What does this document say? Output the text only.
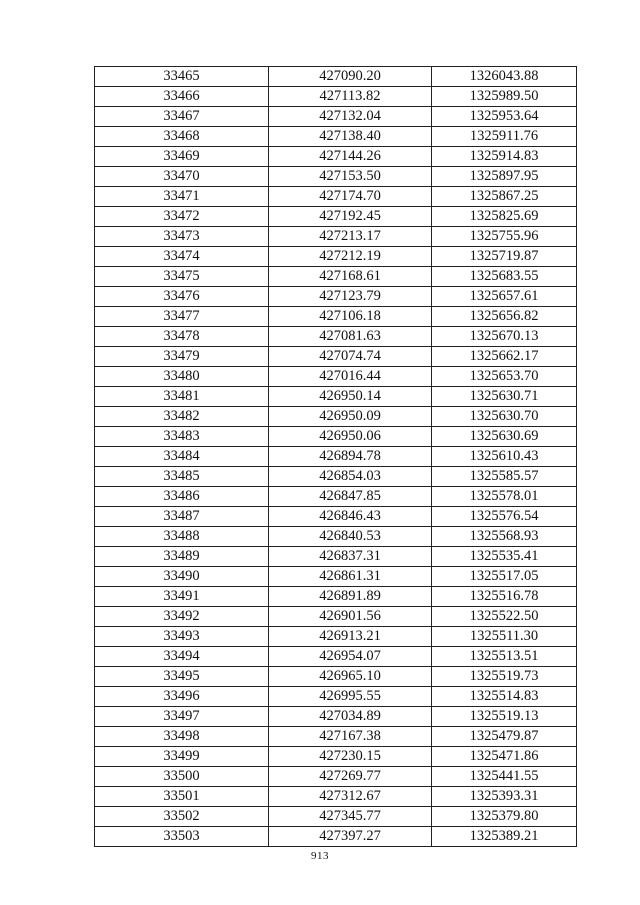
33465	427090.20	1326043.88
33466	427113.82	1325989.50
33467	427132.04	1325953.64
33468	427138.40	1325911.76
33469	427144.26	1325914.83
33470	427153.50	1325897.95
33471	427174.70	1325867.25
33472	427192.45	1325825.69
33473	427213.17	1325755.96
33474	427212.19	1325719.87
33475	427168.61	1325683.55
33476	427123.79	1325657.61
33477	427106.18	1325656.82
33478	427081.63	1325670.13
33479	427074.74	1325662.17
33480	427016.44	1325653.70
33481	426950.14	1325630.71
33482	426950.09	1325630.70
33483	426950.06	1325630.69
33484	426894.78	1325610.43
33485	426854.03	1325585.57
33486	426847.85	1325578.01
33487	426846.43	1325576.54
33488	426840.53	1325568.93
33489	426837.31	1325535.41
33490	426861.31	1325517.05
33491	426891.89	1325516.78
33492	426901.56	1325522.50
33493	426913.21	1325511.30
33494	426954.07	1325513.51
33495	426965.10	1325519.73
33496	426995.55	1325514.83
33497	427034.89	1325519.13
33498	427167.38	1325479.87
33499	427230.15	1325471.86
33500	427269.77	1325441.55
33501	427312.67	1325393.31
33502	427345.77	1325379.80
33503	427397.27	1325389.21
913
